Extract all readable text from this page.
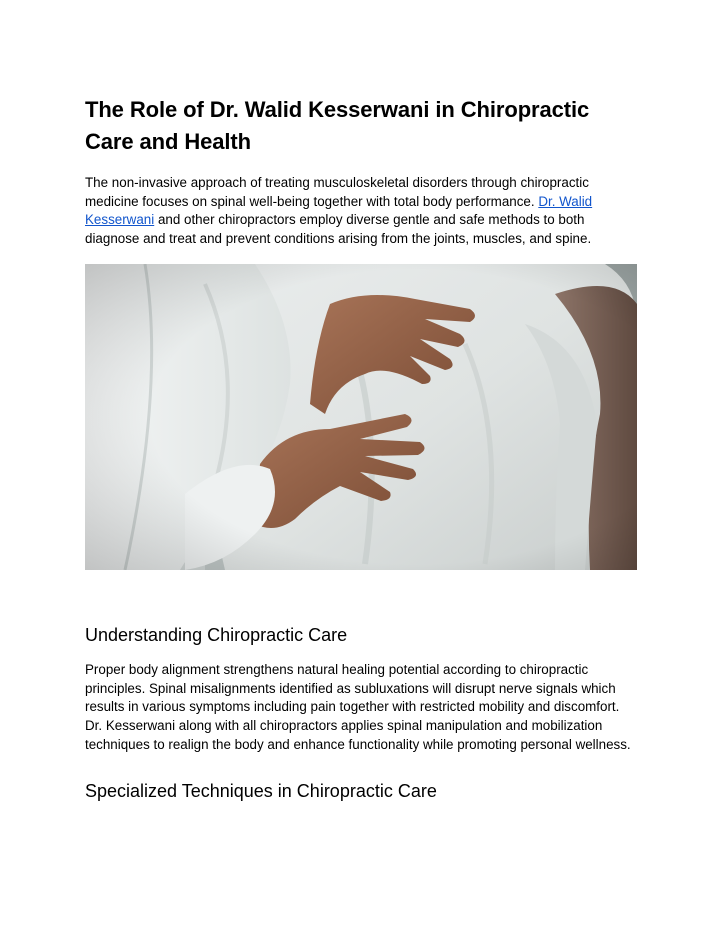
The Role of Dr. Walid Kesserwani in Chiropractic Care and Health

The non-invasive approach of treating musculoskeletal disorders through chiropractic medicine focuses on spinal well-being together with total body performance. Dr. Walid Kesserwani and other chiropractors employ diverse gentle and safe methods to both diagnose and treat and prevent conditions arising from the joints, muscles, and spine.

Understanding Chiropractic Care

Proper body alignment strengthens natural healing potential according to chiropractic principles. Spinal misalignments identified as subluxations will disrupt nerve signals which results in various symptoms including pain together with restricted mobility and discomfort. Dr. Kesserwani along with all chiropractors applies spinal manipulation and mobilization techniques to realign the body and enhance functionality while promoting personal wellness.

Specialized Techniques in Chiropractic Care
